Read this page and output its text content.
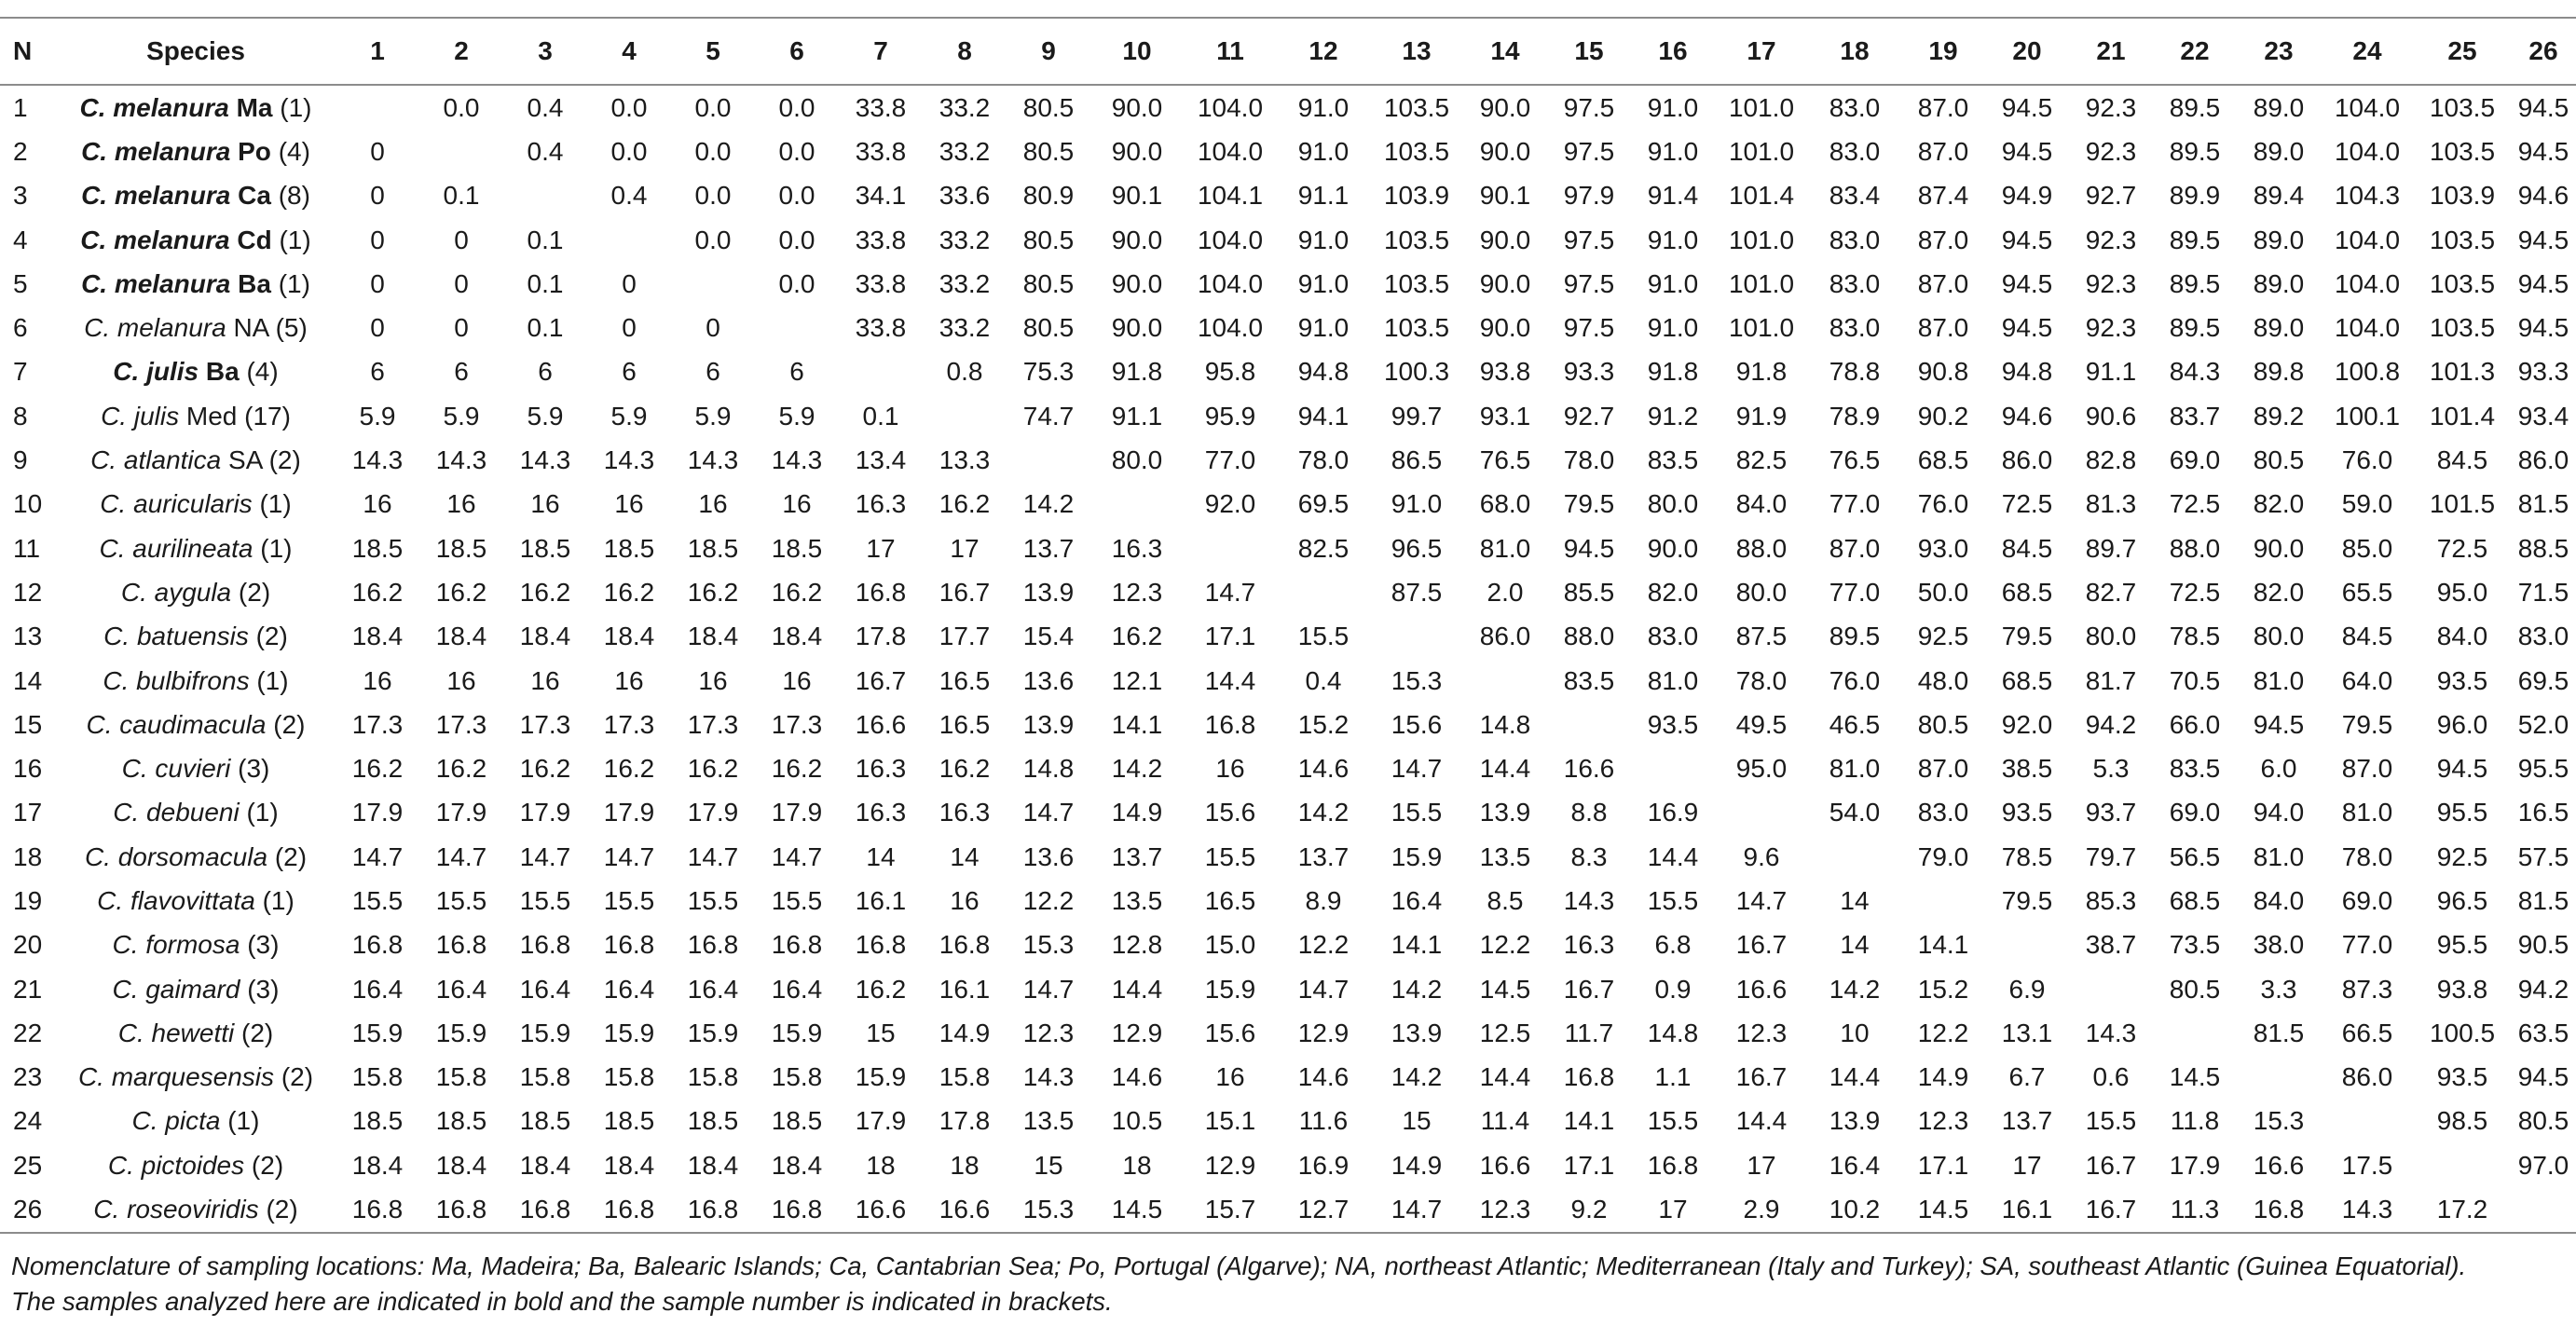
N	Species	1	2	3	4	5	6	7	8	9	10	11	12	13	14	15	16	17	18	19	20	21	22	23	24	25	26
1	C. melanura Ma (1)		0.0	0.4	0.0	0.0	0.0	33.8	33.2	80.5	90.0	104.0	91.0	103.5	90.0	97.5	91.0	101.0	83.0	87.0	94.5	92.3	89.5	89.0	104.0	103.5	94.5
2	C. melanura Po (4)	0		0.4	0.0	0.0	0.0	33.8	33.2	80.5	90.0	104.0	91.0	103.5	90.0	97.5	91.0	101.0	83.0	87.0	94.5	92.3	89.5	89.0	104.0	103.5	94.5
3	C. melanura Ca (8)	0	0.1		0.4	0.0	0.0	34.1	33.6	80.9	90.1	104.1	91.1	103.9	90.1	97.9	91.4	101.4	83.4	87.4	94.9	92.7	89.9	89.4	104.3	103.9	94.6
4	C. melanura Cd (1)	0	0	0.1		0.0	0.0	33.8	33.2	80.5	90.0	104.0	91.0	103.5	90.0	97.5	91.0	101.0	83.0	87.0	94.5	92.3	89.5	89.0	104.0	103.5	94.5
5	C. melanura Ba (1)	0	0	0.1	0		0.0	33.8	33.2	80.5	90.0	104.0	91.0	103.5	90.0	97.5	91.0	101.0	83.0	87.0	94.5	92.3	89.5	89.0	104.0	103.5	94.5
6	C. melanura NA (5)	0	0	0.1	0	0		33.8	33.2	80.5	90.0	104.0	91.0	103.5	90.0	97.5	91.0	101.0	83.0	87.0	94.5	92.3	89.5	89.0	104.0	103.5	94.5
7	C. julis Ba (4)	6	6	6	6	6	6		0.8	75.3	91.8	95.8	94.8	100.3	93.8	93.3	91.8	91.8	78.8	90.8	94.8	91.1	84.3	89.8	100.8	101.3	93.3
8	C. julis Med (17)	5.9	5.9	5.9	5.9	5.9	5.9	0.1		74.7	91.1	95.9	94.1	99.7	93.1	92.7	91.2	91.9	78.9	90.2	94.6	90.6	83.7	89.2	100.1	101.4	93.4
9	C. atlantica SA (2)	14.3	14.3	14.3	14.3	14.3	14.3	13.4	13.3		80.0	77.0	78.0	86.5	76.5	78.0	83.5	82.5	76.5	68.5	86.0	82.8	69.0	80.5	76.0	84.5	86.0
10	C. auricularis (1)	16	16	16	16	16	16	16.3	16.2	14.2		92.0	69.5	91.0	68.0	79.5	80.0	84.0	77.0	76.0	72.5	81.3	72.5	82.0	59.0	101.5	81.5
11	C. aurilineata (1)	18.5	18.5	18.5	18.5	18.5	18.5	17	17	13.7	16.3		82.5	96.5	81.0	94.5	90.0	88.0	87.0	93.0	84.5	89.7	88.0	90.0	85.0	72.5	88.5
12	C. aygula (2)	16.2	16.2	16.2	16.2	16.2	16.2	16.8	16.7	13.9	12.3	14.7		87.5	2.0	85.5	82.0	80.0	77.0	50.0	68.5	82.7	72.5	82.0	65.5	95.0	71.5
13	C. batuensis (2)	18.4	18.4	18.4	18.4	18.4	18.4	17.8	17.7	15.4	16.2	17.1	15.5		86.0	88.0	83.0	87.5	89.5	92.5	79.5	80.0	78.5	80.0	84.5	84.0	83.0
14	C. bulbifrons (1)	16	16	16	16	16	16	16.7	16.5	13.6	12.1	14.4	0.4	15.3		83.5	81.0	78.0	76.0	48.0	68.5	81.7	70.5	81.0	64.0	93.5	69.5
15	C. caudimacula (2)	17.3	17.3	17.3	17.3	17.3	17.3	16.6	16.5	13.9	14.1	16.8	15.2	15.6	14.8		93.5	49.5	46.5	80.5	92.0	94.2	66.0	94.5	79.5	96.0	52.0
16	C. cuvieri (3)	16.2	16.2	16.2	16.2	16.2	16.2	16.3	16.2	14.8	14.2	16	14.6	14.7	14.4	16.6		95.0	81.0	87.0	38.5	5.3	83.5	6.0	87.0	94.5	95.5
17	C. debueni (1)	17.9	17.9	17.9	17.9	17.9	17.9	16.3	16.3	14.7	14.9	15.6	14.2	15.5	13.9	8.8	16.9		54.0	83.0	93.5	93.7	69.0	94.0	81.0	95.5	16.5
18	C. dorsomacula (2)	14.7	14.7	14.7	14.7	14.7	14.7	14	14	13.6	13.7	15.5	13.7	15.9	13.5	8.3	14.4	9.6		79.0	78.5	79.7	56.5	81.0	78.0	92.5	57.5
19	C. flavovittata (1)	15.5	15.5	15.5	15.5	15.5	15.5	16.1	16	12.2	13.5	16.5	8.9	16.4	8.5	14.3	15.5	14.7	14		79.5	85.3	68.5	84.0	69.0	96.5	81.5
20	C. formosa (3)	16.8	16.8	16.8	16.8	16.8	16.8	16.8	16.8	15.3	12.8	15.0	12.2	14.1	12.2	16.3	6.8	16.7	14	14.1		38.7	73.5	38.0	77.0	95.5	90.5
21	C. gaimard (3)	16.4	16.4	16.4	16.4	16.4	16.4	16.2	16.1	14.7	14.4	15.9	14.7	14.2	14.5	16.7	0.9	16.6	14.2	15.2	6.9		80.5	3.3	87.3	93.8	94.2
22	C. hewetti (2)	15.9	15.9	15.9	15.9	15.9	15.9	15	14.9	12.3	12.9	15.6	12.9	13.9	12.5	11.7	14.8	12.3	10	12.2	13.1	14.3		81.5	66.5	100.5	63.5
23	C. marquesensis (2)	15.8	15.8	15.8	15.8	15.8	15.8	15.9	15.8	14.3	14.6	16	14.6	14.2	14.4	16.8	1.1	16.7	14.4	14.9	6.7	0.6	14.5		86.0	93.5	94.5
24	C. picta (1)	18.5	18.5	18.5	18.5	18.5	18.5	17.9	17.8	13.5	10.5	15.1	11.6	15	11.4	14.1	15.5	14.4	13.9	12.3	13.7	15.5	11.8	15.3		98.5	80.5
25	C. pictoides (2)	18.4	18.4	18.4	18.4	18.4	18.4	18	18	15	18	12.9	16.9	14.9	16.6	17.1	16.8	17	16.4	17.1	17	16.7	17.9	16.6	17.5		97.0
26	C. roseoviridis (2)	16.8	16.8	16.8	16.8	16.8	16.8	16.6	16.6	15.3	14.5	15.7	12.7	14.7	12.3	9.2	17	2.9	10.2	14.5	16.1	16.7	11.3	16.8	14.3	17.2	

Nomenclature of sampling locations: Ma, Madeira; Ba, Balearic Islands; Ca, Cantabrian Sea; Po, Portugal (Algarve); NA, northeast Atlantic; Mediterranean (Italy and Turkey); SA, southeast Atlantic (Guinea Equatorial).

The samples analyzed here are indicated in bold and the sample number is indicated in brackets.
